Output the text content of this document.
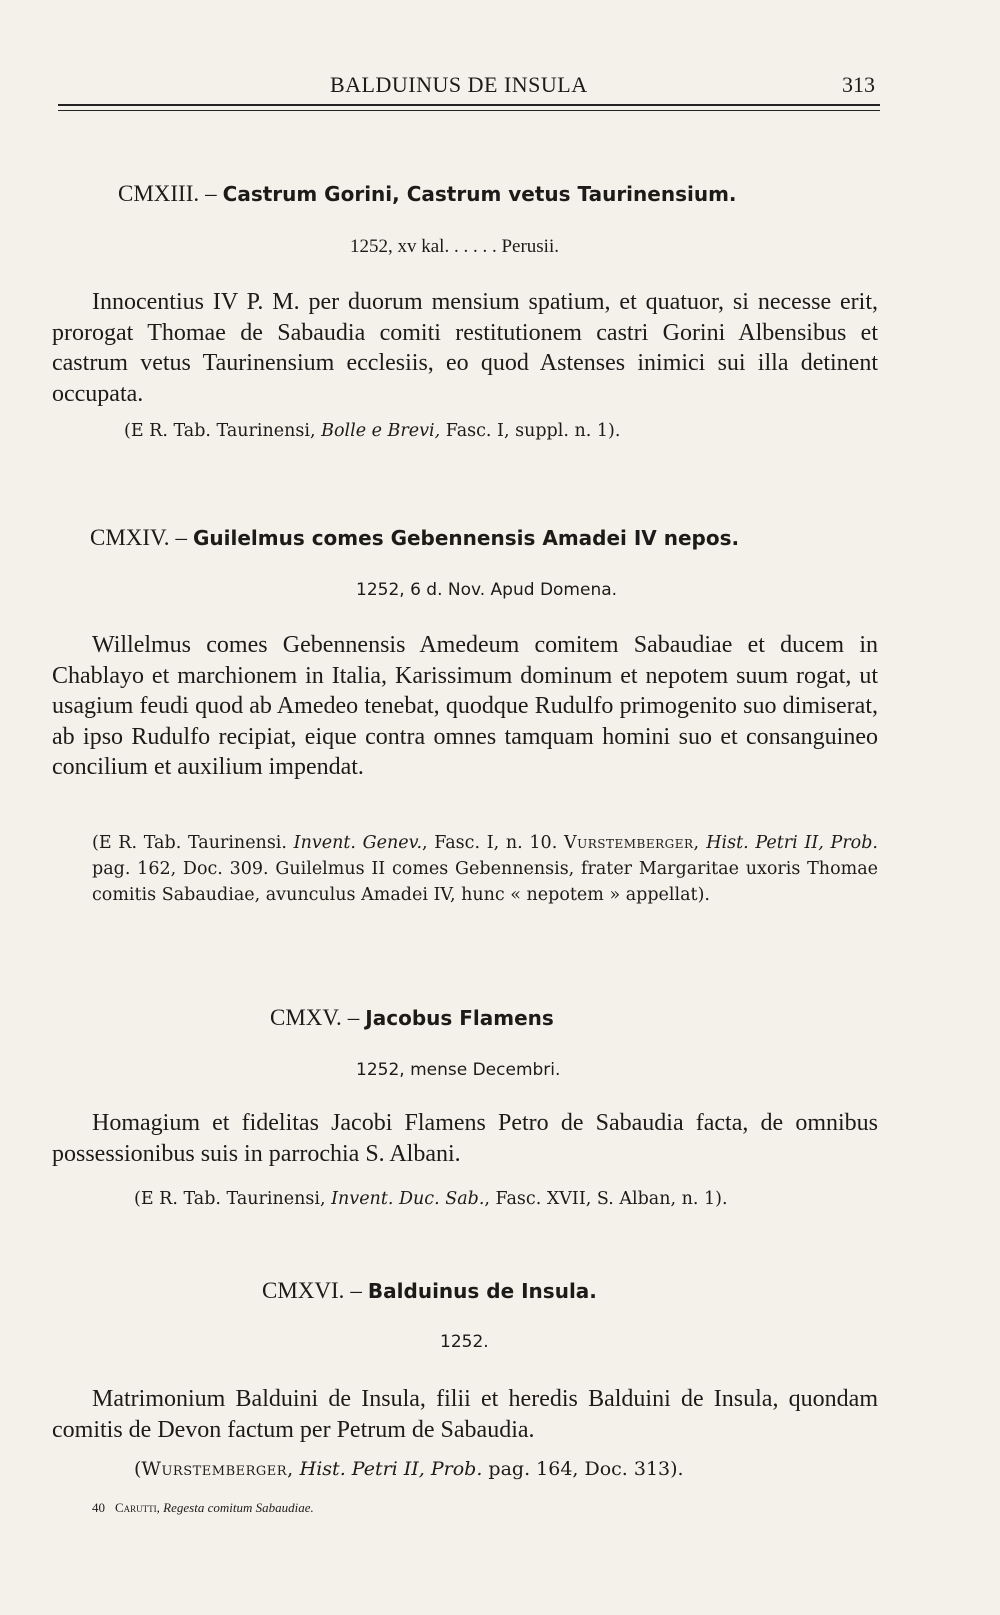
BALDUINUS DE INSULA	313
CMXIII. – Castrum Gorini, Castrum vetus Taurinensium.
1252, xv kal. . . . . . Perusii.
Innocentius IV P. M. per duorum mensium spatium, et quatuor, si necesse erit, prorogat Thomae de Sabaudia comiti restitutionem castri Gorini Albensibus et castrum vetus Taurinensium ecclesiis, eo quod Astenses inimici sui illa detinent occupata.
(E R. Tab. Taurinensi, Bolle e Brevi, Fasc. I, suppl. n. 1).
CMXIV. – Guilelmus comes Gebennensis Amadei IV nepos.
1252, 6 d. Nov. Apud Domena.
Willelmus comes Gebennensis Amedeum comitem Sabaudiae et ducem in Chablayo et marchionem in Italia, Karissimum dominum et nepotem suum rogat, ut usagium feudi quod ab Amedeo tenebat, quodque Rudulfo primogenito suo dimiserat, ab ipso Rudulfo recipiat, eique contra omnes tamquam homini suo et consanguineo concilium et auxilium impendat.
(E R. Tab. Taurinensi. Invent. Genev., Fasc. I, n. 10. Vurstemberger, Hist. Petri II, Prob. pag. 162, Doc. 309. Guilelmus II comes Gebennensis, frater Margaritae uxoris Thomae comitis Sabaudiae, avunculus Amadei IV, hunc « nepotem » appellat).
CMXV. – Jacobus Flamens
1252, mense Decembri.
Homagium et fidelitas Jacobi Flamens Petro de Sabaudia facta, de omnibus possessionibus suis in parrochia S. Albani.
(E R. Tab. Taurinensi, Invent. Duc. Sab., Fasc. XVII, S. Alban, n. 1).
CMXVI. – Balduinus de Insula.
1252.
Matrimonium Balduini de Insula, filii et heredis Balduini de Insula, quondam comitis de Devon factum per Petrum de Sabaudia.
(Wurstemberger, Hist. Petri II, Prob. pag. 164, Doc. 313).
40 Carutti, Regesta comitum Sabaudiae.
